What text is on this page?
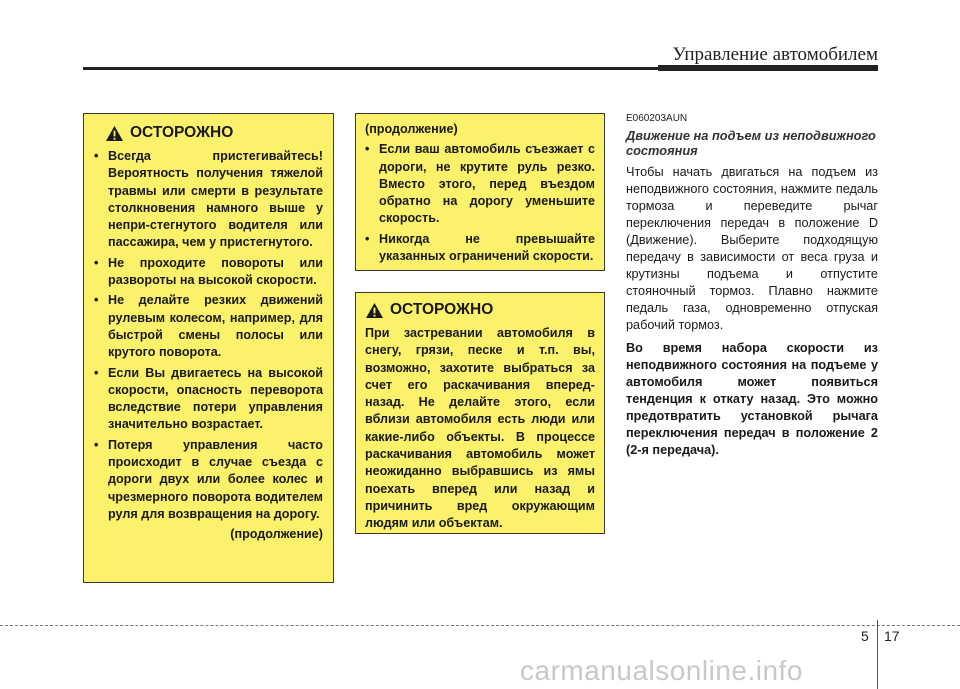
Управление автомобилем
ОСТОРОЖНО
• Всегда пристегивайтесь! Вероятность получения тяжелой травмы или смерти в результате столкновения намного выше у непри-стегнутого водителя или пассажира, чем у пристегнутого.
• Не проходите повороты или развороты на высокой скорости.
• Не делайте резких движений рулевым колесом, например, для быстрой смены полосы или крутого поворота.
• Если Вы двигаетесь на высокой скорости, опасность переворота вследствие потери управления значительно возрастает.
• Потеря управления часто происходит в случае съезда с дороги двух или более колес и чрезмерного поворота водителем руля для возвращения на дорогу.
(продолжение)
(продолжение)
• Если ваш автомобиль съезжает с дороги, не крутите руль резко. Вместо этого, перед въездом обратно на дорогу уменьшите скорость.
• Никогда не превышайте указанных ограничений скорости.
ОСТОРОЖНО
При застревании автомобиля в снегу, грязи, песке и т.п. вы, возможно, захотите выбраться за счет его раскачивания вперед-назад. Не делайте этого, если вблизи автомобиля есть люди или какие-либо объекты. В процессе раскачивания автомобиль может неожиданно выбравшись из ямы поехать вперед или назад и причинить вред окружающим людям или объектам.
E060203AUN
Движение на подъем из неподвижного состояния

Чтобы начать двигаться на подъем из неподвижного состояния, нажмите педаль тормоза и переведите рычаг переключения передач в положение D (Движение). Выберите подходящую передачу в зависимости от веса груза и крутизны подъема и отпустите стояночный тормоз. Плавно нажмите педаль газа, одновременно отпуская рабочий тормоз.

Во время набора скорости из неподвижного состояния на подъеме у автомобиля может появиться тенденция к откату назад. Это можно предотвратить установкой рычага переключения передач в положение 2 (2-я передача).

5 17
carmanualsonline.info
